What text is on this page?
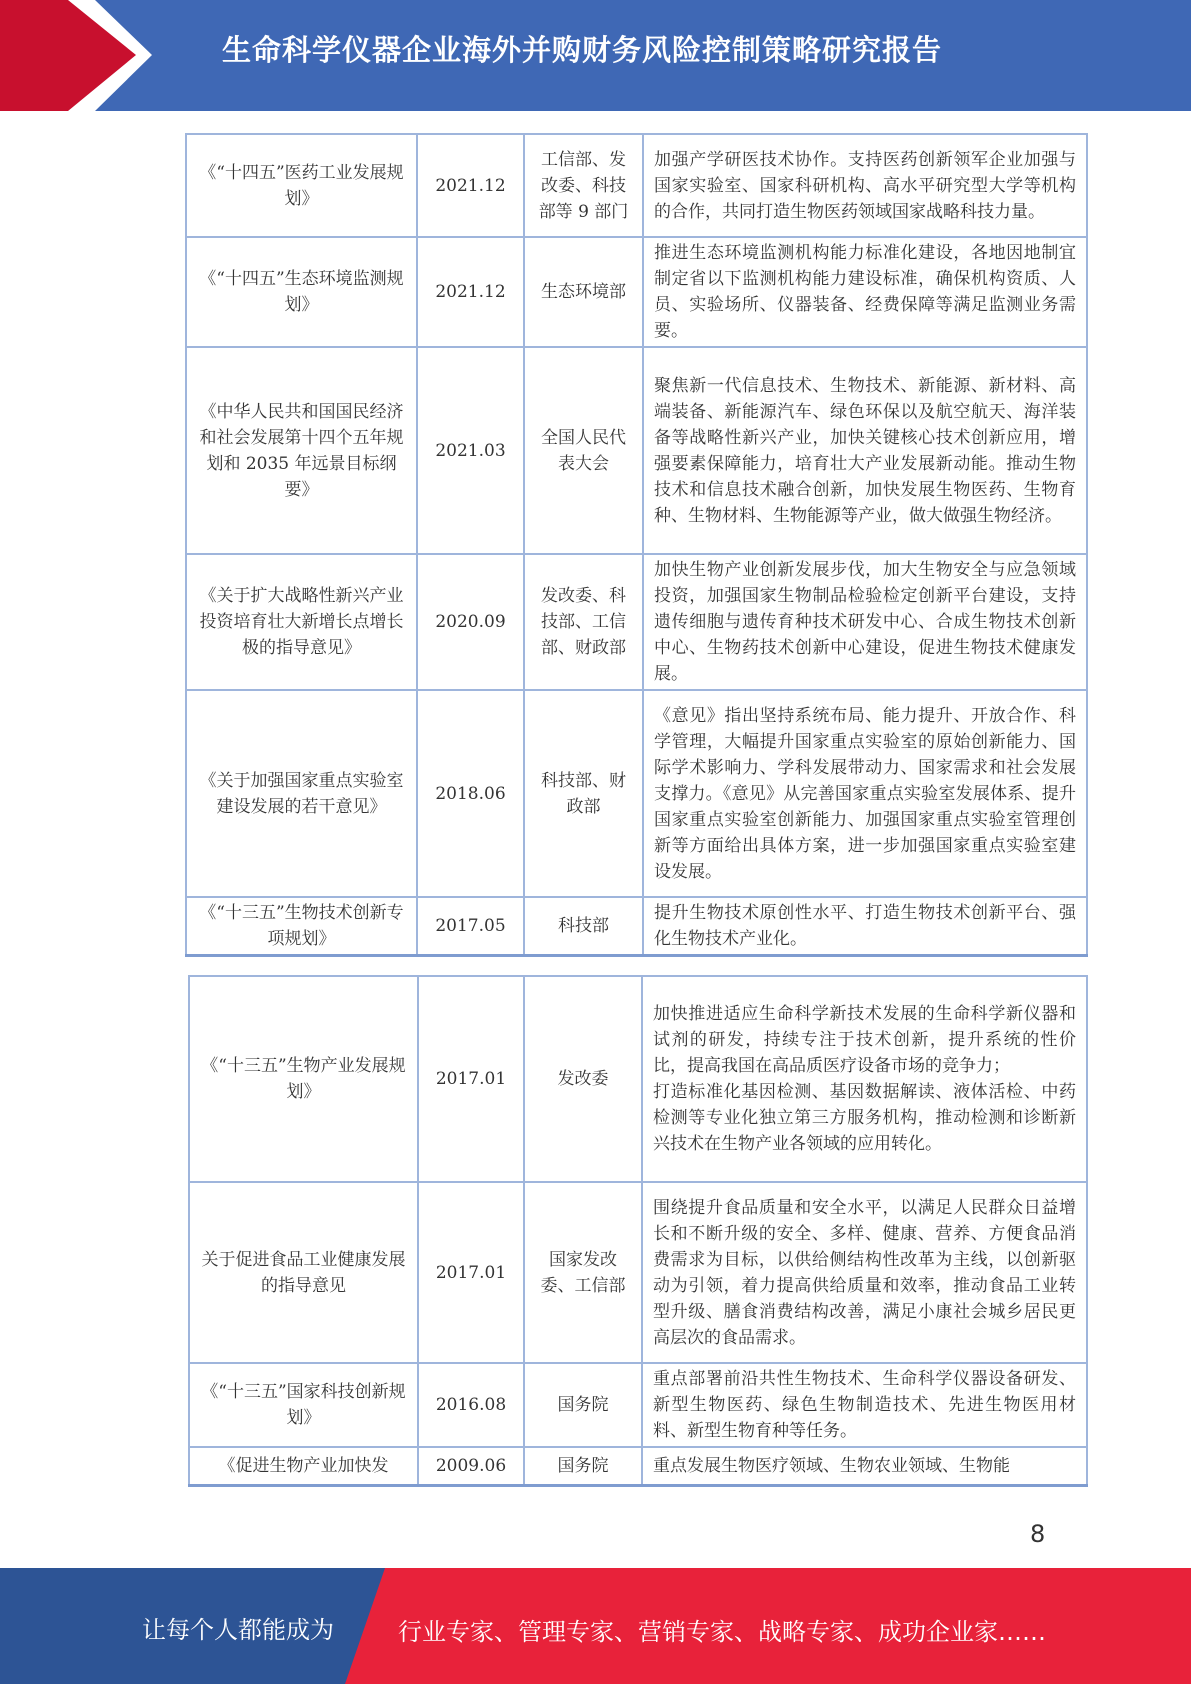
生命科学仪器企业海外并购财务风险控制策略研究报告
《“十四五”医药工业发展规划》	2021.12	工信部、发改委、科技部等 9 部门	加强产学研医技术协作。支持医药创新领军企业加强与国家实验室、国家科研机构、高水平研究型大学等机构的合作，共同打造生物医药领域国家战略科技力量。
《“十四五”生态环境监测规划》	2021.12	生态环境部	推进生态环境监测机构能力标准化建设，各地因地制宜制定省以下监测机构能力建设标准，确保机构资质、人员、实验场所、仪器装备、经费保障等满足监测业务需要。
《中华人民共和国国民经济和社会发展第十四个五年规划和 2035 年远景目标纲要》	2021.03	全国人民代表大会	聚焦新一代信息技术、生物技术、新能源、新材料、高端装备、新能源汽车、绿色环保以及航空航天、海洋装备等战略性新兴产业，加快关键核心技术创新应用，增强要素保障能力，培育壮大产业发展新动能。推动生物技术和信息技术融合创新，加快发展生物医药、生物育种、生物材料、生物能源等产业，做大做强生物经济。
《关于扩大战略性新兴产业投资培育壮大新增长点增长极的指导意见》	2020.09	发改委、科技部、工信部、财政部	加快生物产业创新发展步伐，加大生物安全与应急领域投资，加强国家生物制品检验检定创新平台建设，支持遗传细胞与遗传育种技术研发中心、合成生物技术创新中心、生物药技术创新中心建设，促进生物技术健康发展。
《关于加强国家重点实验室建设发展的若干意见》	2018.06	科技部、财政部	《意见》指出坚持系统布局、能力提升、开放合作、科学管理，大幅提升国家重点实验室的原始创新能力、国际学术影响力、学科发展带动力、国家需求和社会发展支撑力。《意见》从完善国家重点实验室发展体系、提升国家重点实验室创新能力、加强国家重点实验室管理创新等方面给出具体方案，进一步加强国家重点实验室建设发展。
《“十三五”生物技术创新专项规划》	2017.05	科技部	提升生物技术原创性水平、打造生物技术创新平台、强化生物技术产业化。
《“十三五”生物产业发展规划》	2017.01	发改委	加快推进适应生命科学新技术发展的生命科学新仪器和试剂的研发，持续专注于技术创新，提升系统的性价比，提高我国在高品质医疗设备市场的竞争力；
打造标准化基因检测、基因数据解读、液体活检、中药检测等专业化独立第三方服务机构，推动检测和诊断新兴技术在生物产业各领域的应用转化。

关于促进食品工业健康发展的指导意见	2017.01	国家发改委、工信部	围绕提升食品质量和安全水平，以满足人民群众日益增长和不断升级的安全、多样、健康、营养、方便食品消费需求为目标，以供给侧结构性改革为主线，以创新驱动为引领，着力提高供给质量和效率，推动食品工业转型升级、膳食消费结构改善，满足小康社会城乡居民更高层次的食品需求。
《“十三五”国家科技创新规划》	2016.08	国务院	重点部署前沿共性生物技术、生命科学仪器设备研发、新型生物医药、绿色生物制造技术、先进生物医用材料、新型生物育种等任务。
《促进生物产业加快发	2009.06	国务院	重点发展生物医疗领域、生物农业领域、生物能
8
让每个人都能成为	行业专家、管理专家、营销专家、战略专家、成功企业家……
